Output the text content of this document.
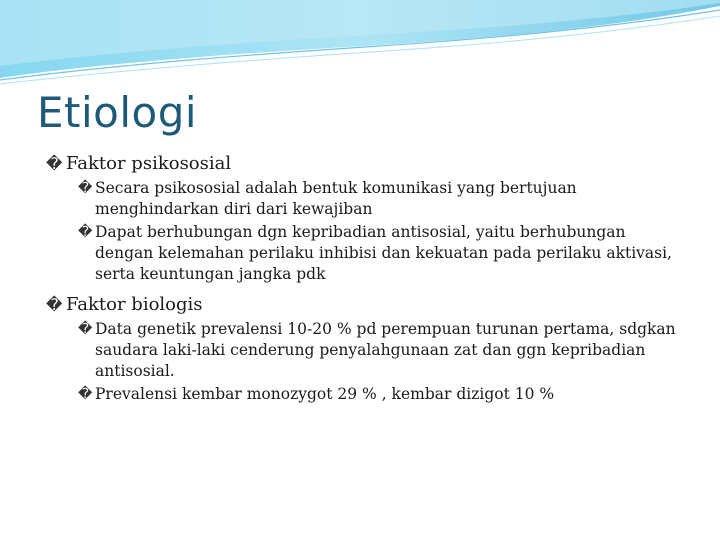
Etiologi
� Faktor psikososial
� Secara psikososial adalah bentuk komunikasi yang bertujuan menghindarkan diri dari kewajiban
� Dapat berhubungan dgn kepribadian antisosial, yaitu berhubungan dengan kelemahan perilaku inhibisi dan kekuatan pada perilaku aktivasi, serta keuntungan jangka pdk
� Faktor biologis
� Data genetik prevalensi 10-20 % pd perempuan turunan pertama, sdgkan saudara laki-laki cenderung penyalahgunaan zat dan ggn kepribadian antisosial.
� Prevalensi kembar monozygot 29 % , kembar dizigot 10 %
